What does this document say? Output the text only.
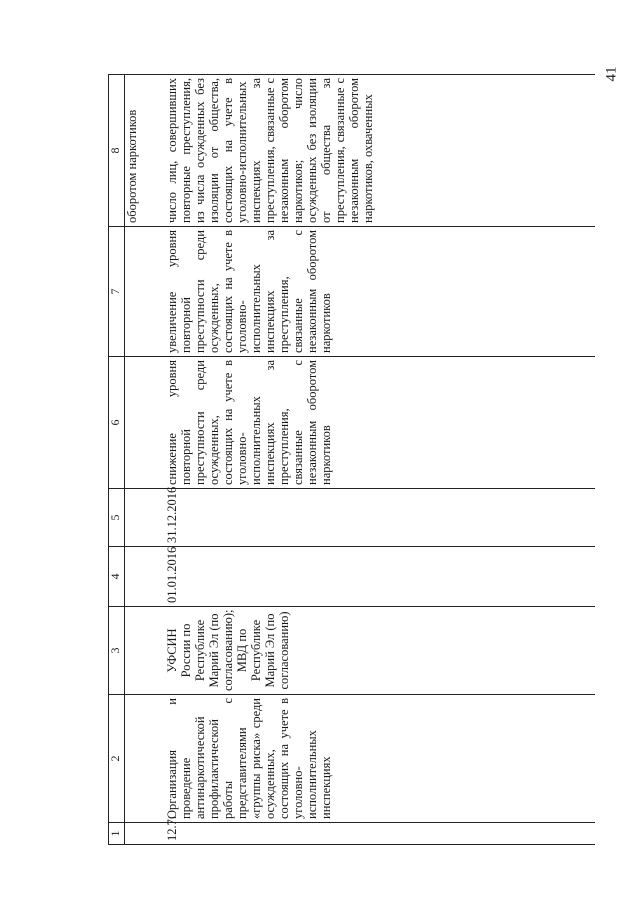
41
1	2	3	4	5	6	7	8
							оборотом наркотиков
12.7.	Организация и проведение антинаркотической профилактической работы с представителями «группы риска» среди осужденных, состоящих на учете в уголовно-исполнительных инспекциях	УФСИН России по Республике Марий Эл (по согласованию); МВД по Республике Марий Эл (по согласованию)	01.01.2016	31.12.2016	снижение уровня повторной преступности среди осужденных, состоящих на учете в уголовно-исполнительных инспекциях за преступления, связанные с незаконным оборотом наркотиков	увеличение уровня повторной преступности среди осужденных, состоящих на учете в уголовно-исполнительных инспекциях за преступления, связанные с незаконным оборотом наркотиков	число лиц, совершивших повторные преступления, из числа осужденных без изоляции от общества, состоящих на учете в уголовно-исполнительных инспекциях за преступления, связанные с незаконным оборотом наркотиков; число осужденных без изоляции от общества за преступления, связанные с незаконным оборотом наркотиков, охваченных
